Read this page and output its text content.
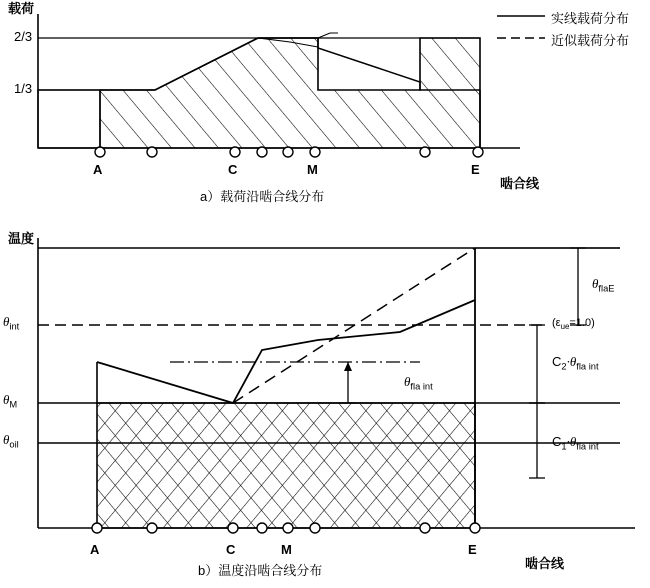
载荷
2/3
1/3
A	C	M	E
啮合线
a）载荷沿啮合线分布
实线载荷分布
近似载荷分布
温度
$\theta_{int}$
$\theta_M$
$\theta_{oil}$
A	C	M	E
啮合线
b）温度沿啮合线分布
$\theta_{flaE}$
$(\varepsilon_{ue}=1.0)$
$C_2\cdot\theta_{fla int}$
$\theta_{fla int}$
$C_1\cdot\theta_{fla int}$
